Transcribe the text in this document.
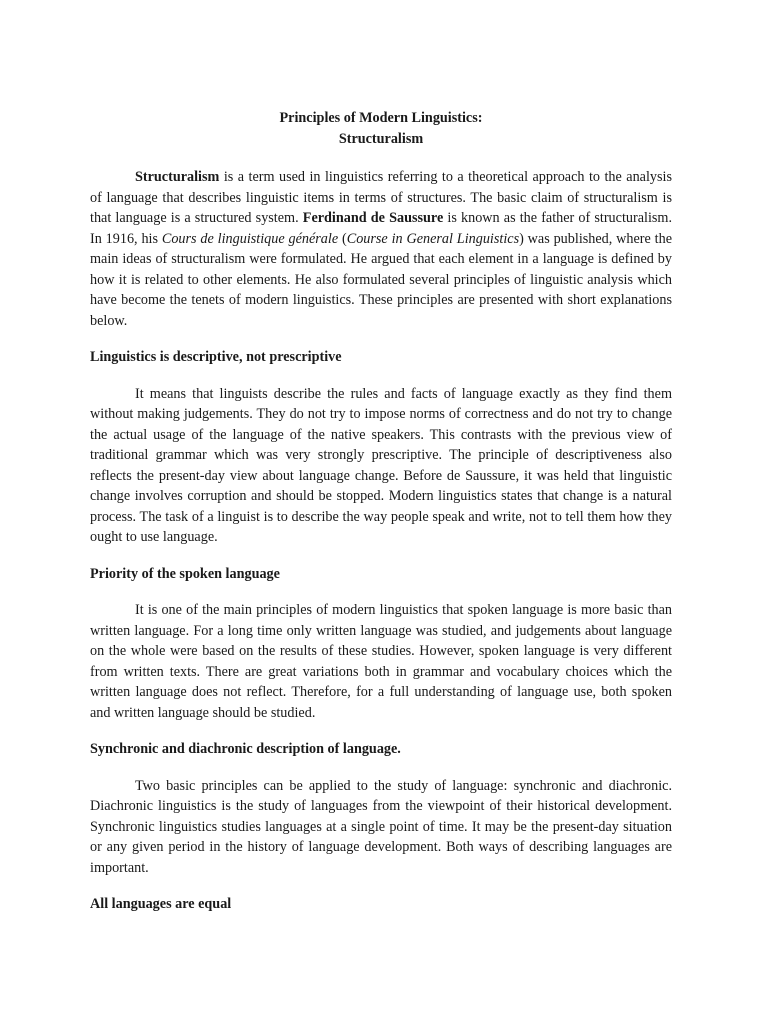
Principles of Modern Linguistics:
Structuralism

Structuralism is a term used in linguistics referring to a theoretical approach to the analysis of language that describes linguistic items in terms of structures. The basic claim of structuralism is that language is a structured system. Ferdinand de Saussure is known as the father of structuralism. In 1916, his Cours de linguistique générale (Course in General Linguistics) was published, where the main ideas of structuralism were formulated. He argued that each element in a language is defined by how it is related to other elements. He also formulated several principles of linguistic analysis which have become the tenets of modern linguistics. These principles are presented with short explanations below.

Linguistics is descriptive, not prescriptive

It means that linguists describe the rules and facts of language exactly as they find them without making judgements. They do not try to impose norms of correctness and do not try to change the actual usage of the language of the native speakers. This contrasts with the previous view of traditional grammar which was very strongly prescriptive. The principle of descriptiveness also reflects the present-day view about language change. Before de Saussure, it was held that linguistic change involves corruption and should be stopped. Modern linguistics states that change is a natural process. The task of a linguist is to describe the way people speak and write, not to tell them how they ought to use language.

Priority of the spoken language

It is one of the main principles of modern linguistics that spoken language is more basic than written language. For a long time only written language was studied, and judgements about language on the whole were based on the results of these studies. However, spoken language is very different from written texts. There are great variations both in grammar and vocabulary choices which the written language does not reflect. Therefore, for a full understanding of language use, both spoken and written language should be studied.

Synchronic and diachronic description of language.

Two basic principles can be applied to the study of language: synchronic and diachronic. Diachronic linguistics is the study of languages from the viewpoint of their historical development. Synchronic linguistics studies languages at a single point of time. It may be the present-day situation or any given period in the history of language development. Both ways of describing languages are important.

All languages are equal
